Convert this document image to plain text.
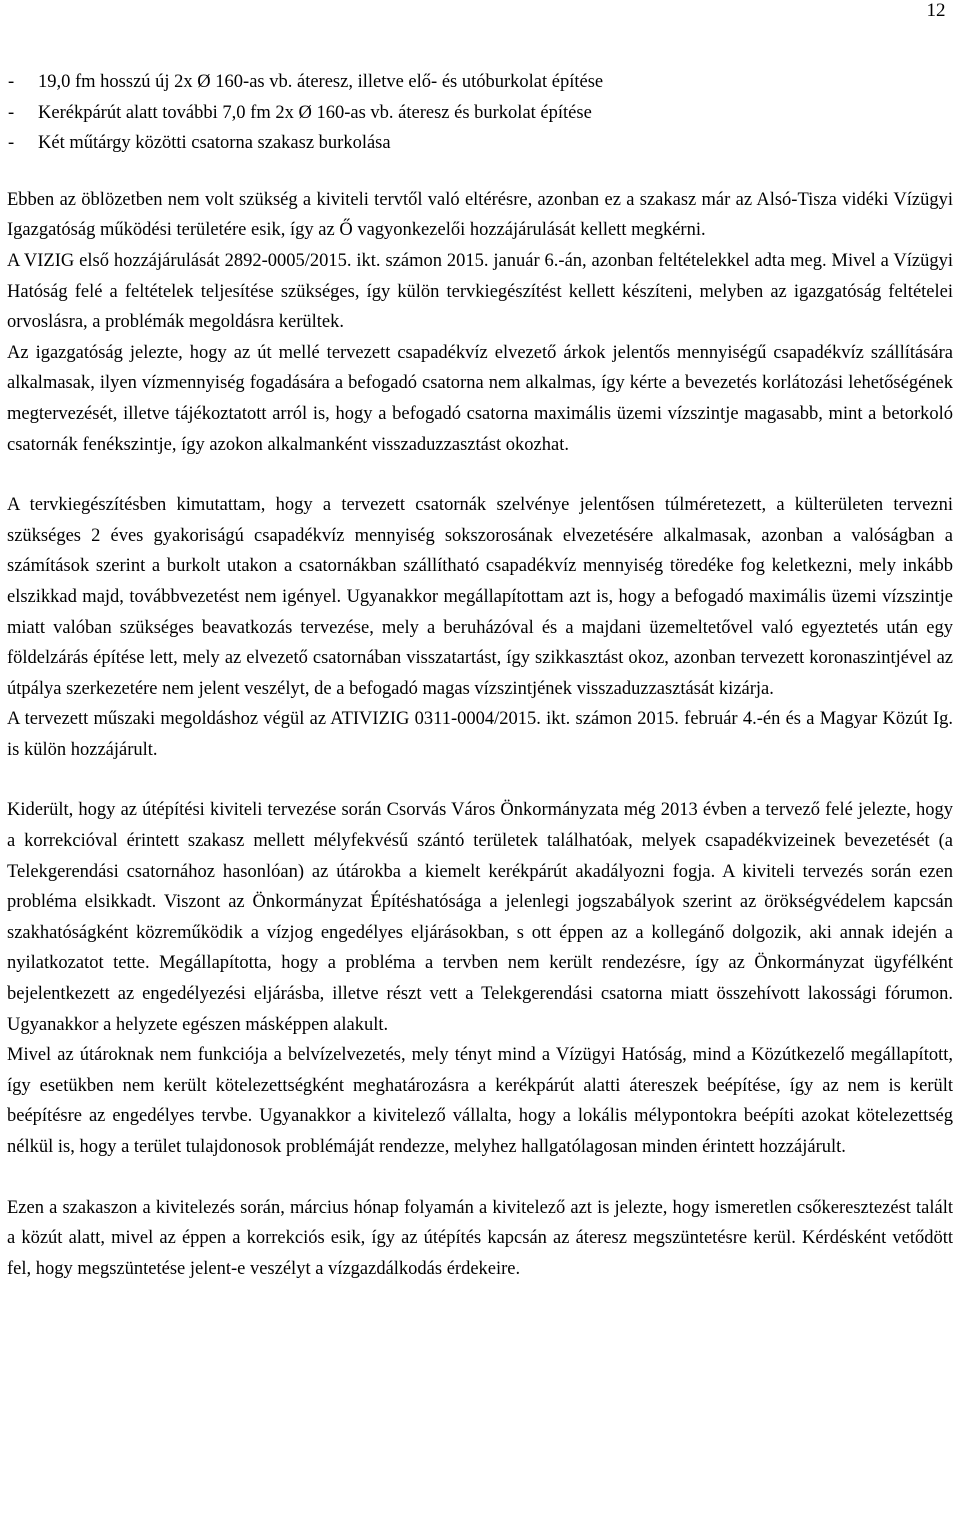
12
- 19,0 fm hosszú új 2x Ø 160-as vb. áteresz, illetve elő- és utóburkolat építése
- Kerékpárút alatt további 7,0 fm 2x Ø 160-as vb. áteresz és burkolat építése
- Két műtárgy közötti csatorna szakasz burkolása

Ebben az öblözetben nem volt szükség a kiviteli tervtől való eltérésre, azonban ez a szakasz már az Alsó-Tisza vidéki Vízügyi Igazgatóság működési területére esik, így az Ő vagyonkezelői hozzájárulását kellett megkérni.

A VIZIG első hozzájárulását 2892-0005/2015. ikt. számon 2015. január 6.-án, azonban feltételekkel adta meg. Mivel a Vízügyi Hatóság felé a feltételek teljesítése szükséges, így külön tervkiegészítést kellett készíteni, melyben az igazgatóság feltételei orvoslásra, a problémák megoldásra kerültek.

Az igazgatóság jelezte, hogy az út mellé tervezett csapadékvíz elvezető árkok jelentős mennyiségű csapadékvíz szállítására alkalmasak, ilyen vízmennyiség fogadására a befogadó csatorna nem alkalmas, így kérte a bevezetés korlátozási lehetőségének megtervezését, illetve tájékoztatott arról is, hogy a befogadó csatorna maximális üzemi vízszintje magasabb, mint a betorkoló csatornák fenékszintje, így azokon alkalmanként visszaduzzasztást okozhat.

A tervkiegészítésben kimutattam, hogy a tervezett csatornák szelvénye jelentősen túlméretezett, a külterületen tervezni szükséges 2 éves gyakoriságú csapadékvíz mennyiség sokszorosának elvezetésére alkalmasak, azonban a valóságban a számítások szerint a burkolt utakon a csatornákban szállítható csapadékvíz mennyiség töredéke fog keletkezni, mely inkább elszikkad majd, továbbvezetést nem igényel. Ugyanakkor megállapítottam azt is, hogy a befogadó maximális üzemi vízszintje miatt valóban szükséges beavatkozás tervezése, mely a beruházóval és a majdani üzemeltetővel való egyeztetés után egy földelzárás építése lett, mely az elvezető csatornában visszatartást, így szikkasztást okoz, azonban tervezett koronaszintjével az útpálya szerkezetére nem jelent veszélyt, de a befogadó magas vízszintjének visszaduzzasztását kizárja.

A tervezett műszaki megoldáshoz végül az ATIVIZIG 0311-0004/2015. ikt. számon 2015. február 4.-én és a Magyar Közút Ig. is külön hozzájárult.

Kiderült, hogy az útépítési kiviteli tervezése során Csorvás Város Önkormányzata még 2013 évben a tervező felé jelezte, hogy a korrekcióval érintett szakasz mellett mélyfekvésű szántó területek találhatóak, melyek csapadékvizeinek bevezetését (a Telekgerendási csatornához hasonlóan) az útárokba a kiemelt kerékpárút akadályozni fogja. A kiviteli tervezés során ezen probléma elsikkadt. Viszont az Önkormányzat Építéshatósága a jelenlegi jogszabályok szerint az örökségvédelem kapcsán szakhatóságként közreműködik a vízjog engedélyes eljárásokban, s ott éppen az a kollegánő dolgozik, aki annak idején a nyilatkozatot tette. Megállapította, hogy a probléma a tervben nem került rendezésre, így az Önkormányzat ügyfélként bejelentkezett az engedélyezési eljárásba, illetve részt vett a Telekgerendási csatorna miatt összehívott lakossági fórumon. Ugyanakkor a helyzete egészen másképpen alakult.

Mivel az útároknak nem funkciója a belvízelvezetés, mely tényt mind a Vízügyi Hatóság, mind a Közútkezelő megállapított, így esetükben nem került kötelezettségként meghatározásra a kerékpárút alatti átereszek beépítése, így az nem is került beépítésre az engedélyes tervbe. Ugyanakkor a kivitelező vállalta, hogy a lokális mélypontokra beépíti azokat kötelezettség nélkül is, hogy a terület tulajdonosok problémáját rendezze, melyhez hallgatólagosan minden érintett hozzájárult.

Ezen a szakaszon a kivitelezés során, március hónap folyamán a kivitelező azt is jelezte, hogy ismeretlen csőkeresztezést talált a közút alatt, mivel az éppen a korrekciós esik, így az útépítés kapcsán az áteresz megszüntetésre kerül. Kérdésként vetődött fel, hogy megszüntetése jelent-e veszélyt a vízgazdálkodás érdekeire.
